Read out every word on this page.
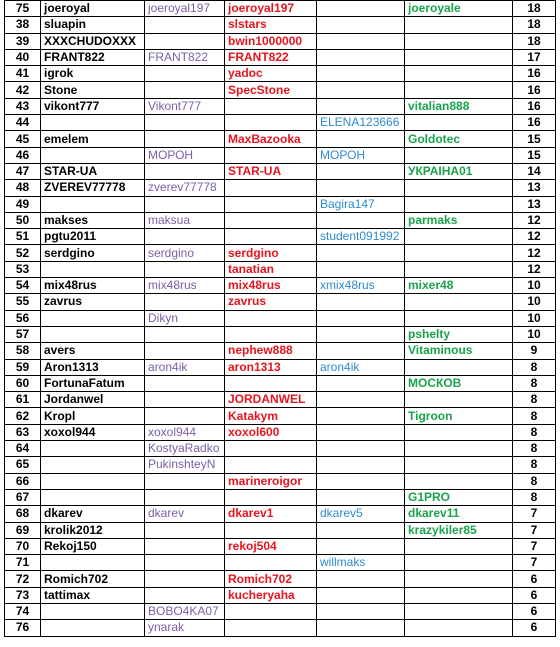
75	joeroyal	joeroyal197	joeroyal197		joeroyale	18
38	sluapin		slstars			18
39	XXXCHUDOXXX		bwin1000000			18
40	FRANT822	FRANT822	FRANT822			17
41	igrok		yadoc			16
42	Stone		SpecStone			16
43	vikont777	Vikont777			vitalian888	16
44				ELENA123666		16
45	emelem		MaxBazooka		Goldotec	15
46		МОРОН		МОРОН		15
47	STAR-UA		STAR-UA		УКРАІНА01	14
48	ZVEREV77778	zverev77778				13
49				Bagira147		13
50	makses	maksua			parmaks	12
51	pgtu2011			student091992		12
52	serdgino	serdgino	serdgino			12
53			tanatian			12
54	mix48rus	mix48rus	mix48rus	xmix48rus	mixer48	10
55	zavrus		zavrus			10
56		Dikyn				10
57					pshelty	10
58	avers		nephew888		Vitaminous	9
59	Aron1313	aron4ik	aron1313	aron4ik		8
60	FortunaFatum				МОСКОВ	8
61	Jordanwel		JORDANWEL			8
62	Kropl		Katakym		Tigroon	8
63	xoxol944	xoxol944	xoxol600			8
64		KostyaRadko				8
65		PukinshteyN				8
66			marineroigor			8
67					G1PRO	8
68	dkarev	dkarev	dkarev1	dkarev5	dkarev11	7
69	krolik2012				krazykiler85	7
70	Rekoj150		rekoj504			7
71				willmaks		7
72	Romich702		Romich702			6
73	tattimax		kucheryaha			6
74		BOBO4KA07				6
76		ynarak				6
